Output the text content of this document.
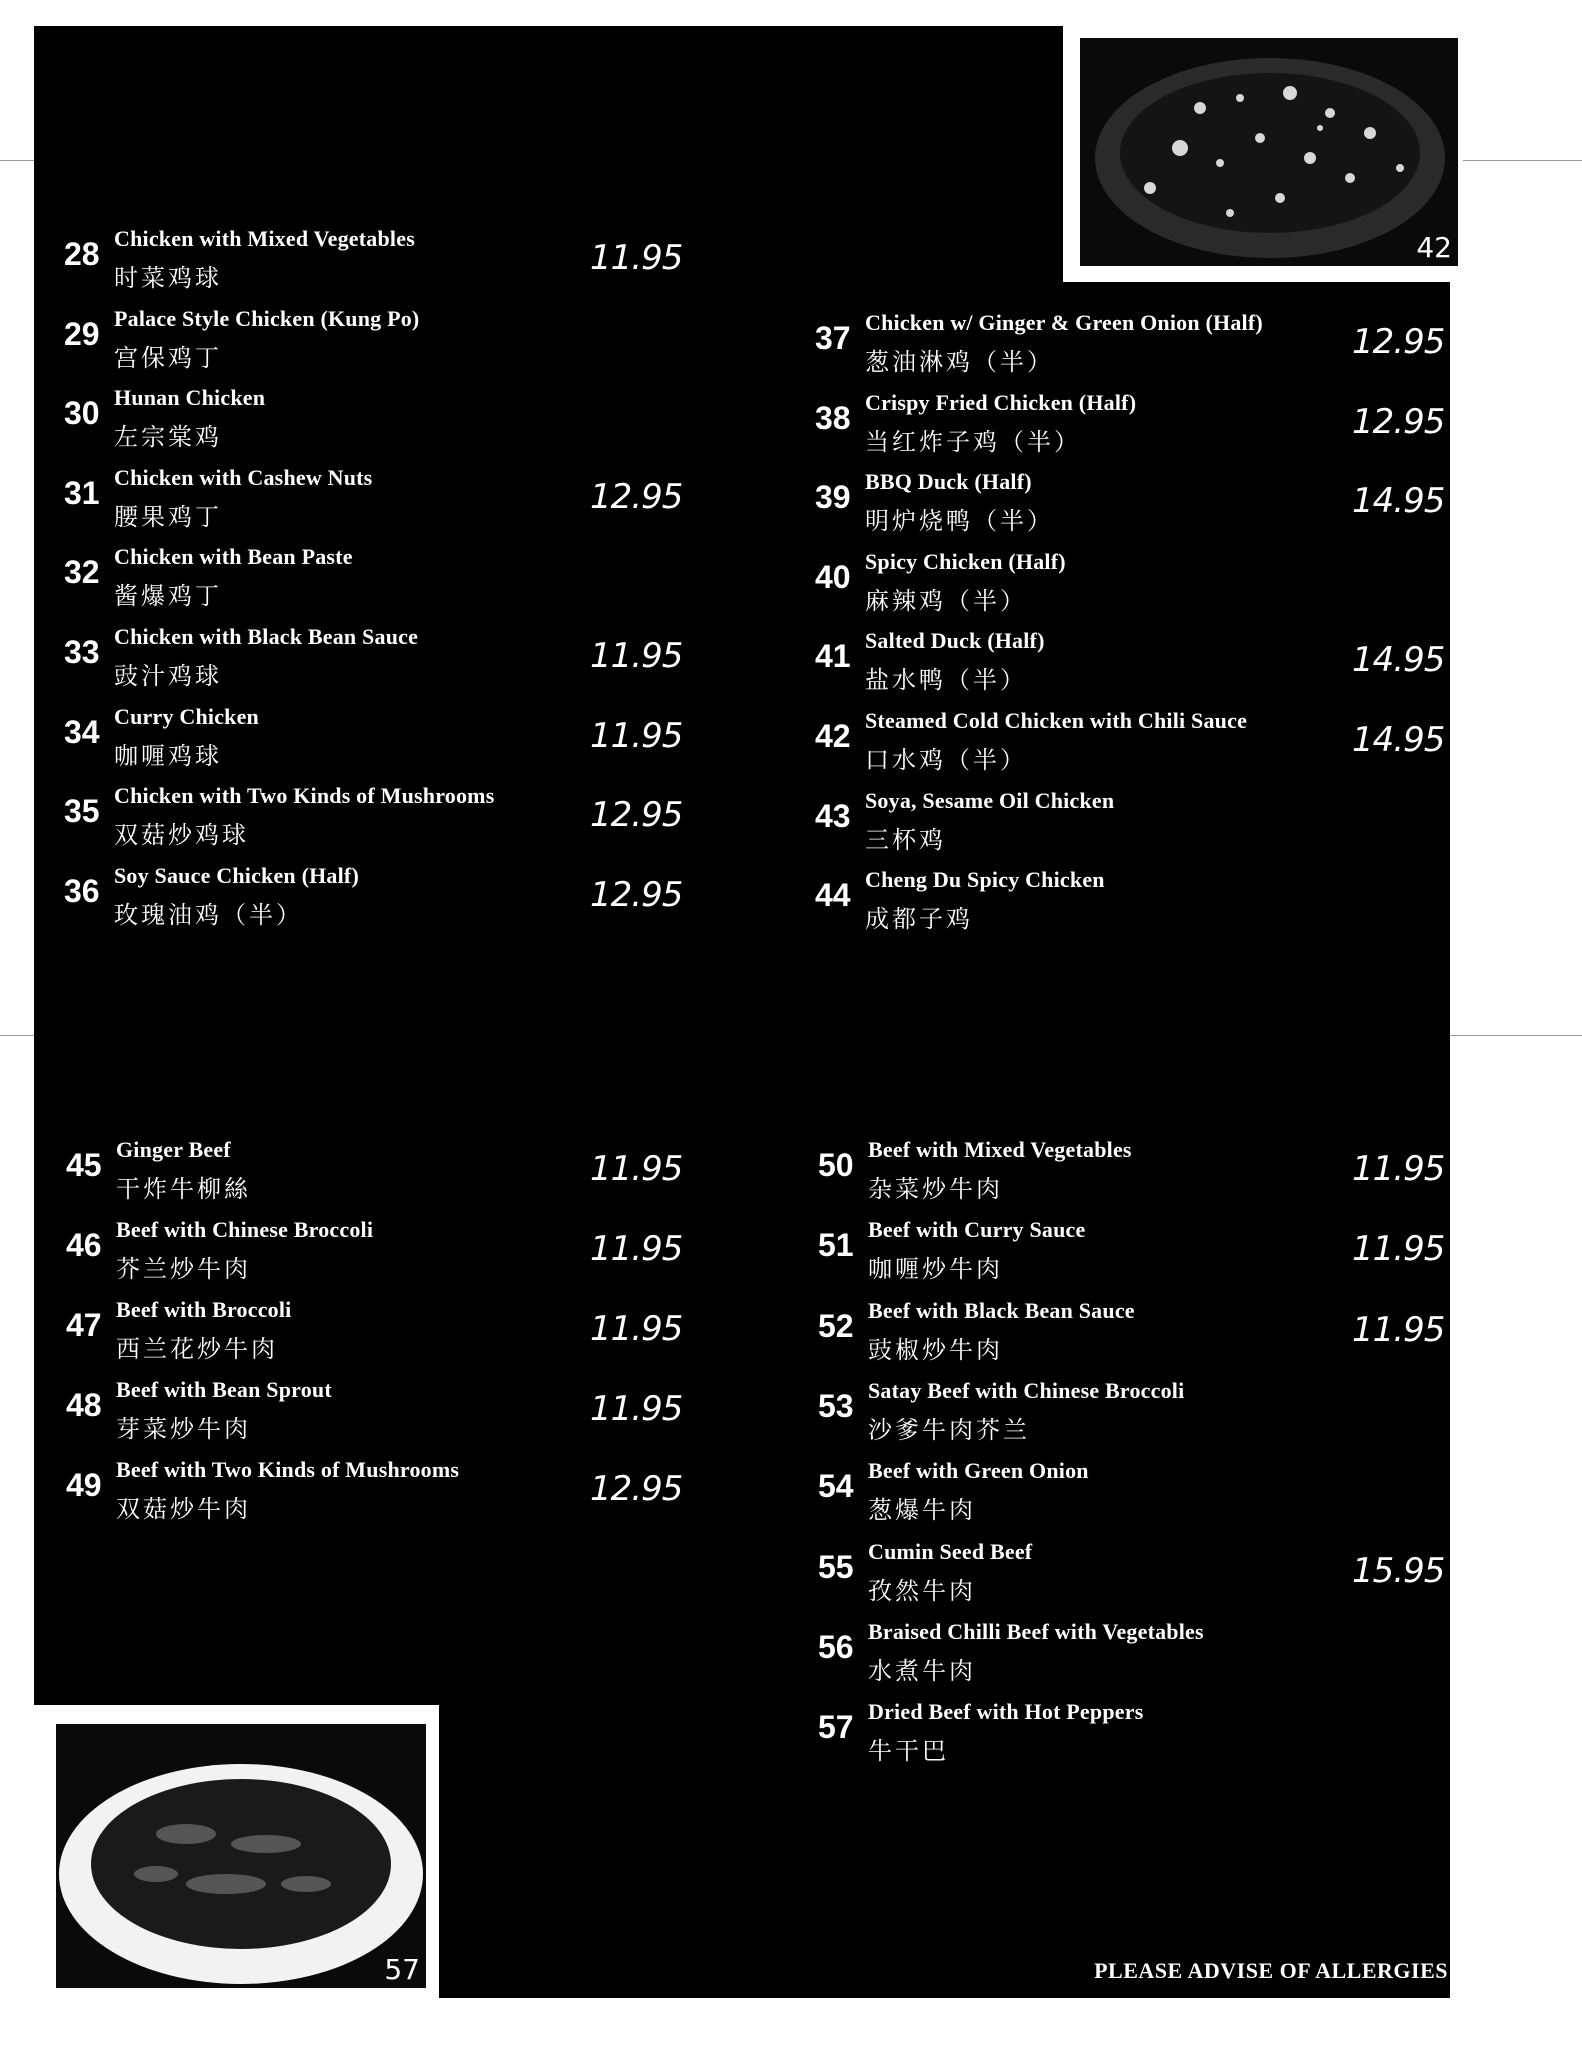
42
57
28 Chicken with Mixed Vegetables
时菜鸡球	11.95
29 Palace Style Chicken (Kung Po)
宫保鸡丁
30 Hunan Chicken
左宗棠鸡
31 Chicken with Cashew Nuts
腰果鸡丁	12.95
32 Chicken with Bean Paste
酱爆鸡丁
33 Chicken with Black Bean Sauce
豉汁鸡球	11.95
34 Curry Chicken
咖喱鸡球	11.95
35 Chicken with Two Kinds of Mushrooms
双菇炒鸡球	12.95
36 Soy Sauce Chicken (Half)
玫瑰油鸡（半）	12.95
37 Chicken w/ Ginger & Green Onion (Half)
葱油淋鸡（半）	12.95
38 Crispy Fried Chicken (Half)
当红炸子鸡（半）	12.95
39 BBQ Duck (Half)
明炉烧鸭（半）	14.95
40 Spicy Chicken (Half)
麻辣鸡（半）
41 Salted Duck (Half)
盐水鸭（半）	14.95
42 Steamed Cold Chicken with Chili Sauce
口水鸡（半）	14.95
43 Soya, Sesame Oil Chicken
三杯鸡
44 Cheng Du Spicy Chicken
成都子鸡
45 Ginger Beef
干炸牛柳絲	11.95
46 Beef with Chinese Broccoli
芥兰炒牛肉	11.95
47 Beef with Broccoli
西兰花炒牛肉	11.95
48 Beef with Bean Sprout
芽菜炒牛肉	11.95
49 Beef with Two Kinds of Mushrooms
双菇炒牛肉	12.95
50 Beef with Mixed Vegetables
杂菜炒牛肉	11.95
51 Beef with Curry Sauce
咖喱炒牛肉	11.95
52 Beef with Black Bean Sauce
豉椒炒牛肉	11.95
53 Satay Beef with Chinese Broccoli
沙爹牛肉芥兰
54 Beef with Green Onion
葱爆牛肉
55 Cumin Seed Beef
孜然牛肉	15.95
56 Braised Chilli Beef with Vegetables
水煮牛肉
57 Dried Beef with Hot Peppers
牛干巴
PLEASE ADVISE OF ALLERGIES
